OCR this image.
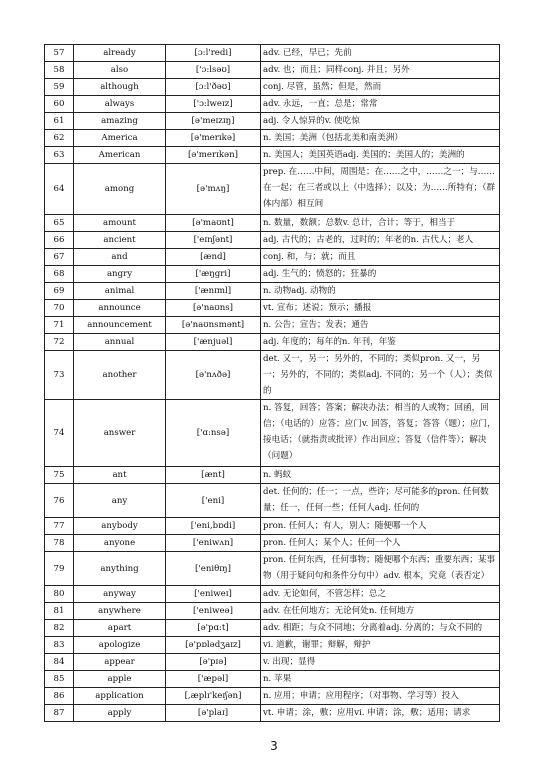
57	already	[ɔ:l'redi]	adv. 已经，早已；先前
58	also	['ɔ:lsəʊ]	adv. 也；而且；同样conj. 并且；另外
59	although	[ɔ:l'ðəʊ]	conj. 尽管，虽然；但是，然而
60	always	['ɔ:lweɪz]	adv. 永远，一直；总是；常常
61	amazing	[ə'meɪzɪŋ]	adj. 令人惊异的v. 使吃惊
62	America	[ə'merɪkə]	n. 美国；美洲（包括北美和南美洲）
63	American	[ə'merɪkən]	n. 美国人；美国英语adj. 美国的；美国人的；美洲的
64	among	[ə'mʌŋ]	prep. 在……中间，周围是；在……之中，……之一；与……在一起；在三者或以上（中选择）；以及；为……所特有；（群体内部）相互间
65	amount	[ə'maʊnt]	n. 数量，数额；总数v. 总计，合计；等于，相当于
66	ancient	['eɪnʃənt]	adj. 古代的；古老的，过时的；年老的n. 古代人；老人
67	and	[ænd]	conj. 和，与；就；而且
68	angry	['æŋgri]	adj. 生气的；愤怒的；狂暴的
69	animal	['ænɪml]	n. 动物adj. 动物的
70	announce	[ə'naʊns]	vt. 宣布；述说；预示；播报
71	announcement	[ə'naʊnsmənt]	n. 公告；宣告；发表；通告
72	annual	['ænjuəl]	adj. 年度的；每年的n. 年刊，年鉴
73	another	[ə'nʌðə]	det. 又一，另一；另外的，不同的；类似pron. 又一，另一；另外的，不同的；类似adj. 不同的；另一个（人）；类似的
74	answer	['ɑ:nsə]	n. 答复，回答；答案；解决办法；相当的人或物；回函，回信；（电话的）应答；应门v. 回答，答复；答答（题）；应门，接电话；（就指责或批评）作出回应；答复（信件等）；解决（问题）
75	ant	[ænt]	n. 蚂蚁
76	any	['eni]	det. 任何的；任一；一点，些许；尽可能多的pron. 任何数量；任一，任何一些；任何人adj. 任何的
77	anybody	['eni,bɒdi]	pron. 任何人；有人，别人；随便哪一个人
78	anyone	['eniwʌn]	pron. 任何人；某个人；任何一个人
79	anything	['eniθɪŋ]	pron. 任何东西，任何事物；随便哪个东西；重要东西；某事物（用于疑问句和条件分句中）adv. 根本，究竟（表否定）
80	anyway	['eniweɪ]	adv. 无论如何，不管怎样；总之
81	anywhere	['eniweə]	adv. 在任何地方；无论何处n. 任何地方
82	apart	[ə'pɑ:t]	adv. 相距；与众不同地；分离着adj. 分离的；与众不同的
83	apologize	[ə'pɒlədʒaɪz]	vi. 道歉，谢罪；辩解，辩护
84	appear	[ə'pɪə]	v. 出现；显得
85	apple	['æpəl]	n. 苹果
86	application	[,æplɪ'keɪʃən]	n. 应用；申请；应用程序；（对事物、学习等）投入
87	apply	[ə'plaɪ]	vt. 申请；涂，敷；应用vi. 申请；涂，敷；适用；请求
3
